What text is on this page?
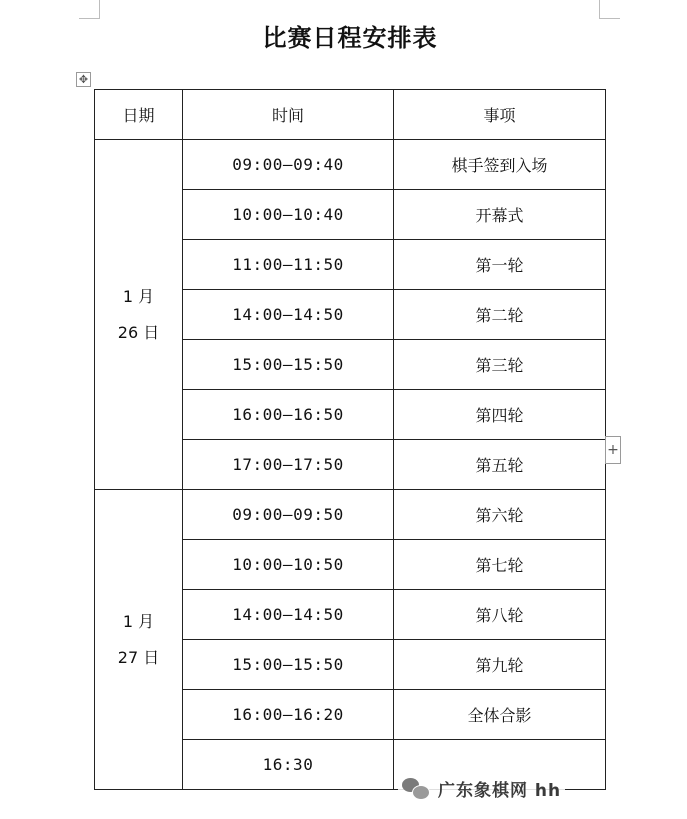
比赛日程安排表
✥
日期	时间	事项

1 月
26 日	09:00—09:40	棋手签到入场
	10:00—10:40	开幕式
	11:00—11:50	第一轮
	14:00—14:50	第二轮
	15:00—15:50	第三轮
	16:00—16:50	第四轮
	17:00—17:50	第五轮

1 月
27 日	09:00—09:50	第六轮
	10:00—10:50	第七轮
	14:00—14:50	第八轮
	15:00—15:50	第九轮
	16:00—16:20	全体合影
	16:30	
+
广东象棋网 hh
